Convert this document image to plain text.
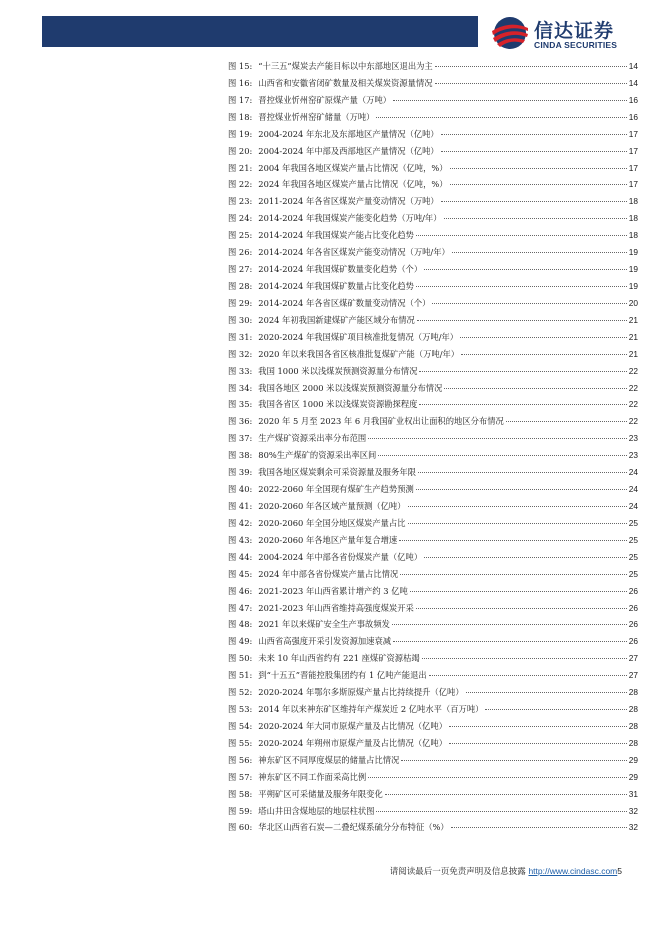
信达证券
CINDA SECURITIES
图 15: “十三五”煤炭去产能目标以中东部地区退出为主	14
图 16: 山西省和安徽省闭矿数量及相关煤炭资源量情况	14
图 17: 晋控煤业忻州窑矿原煤产量（万吨）	16
图 18: 晋控煤业忻州窑矿储量（万吨）	16
图 19: 2004-2024 年东北及东部地区产量情况（亿吨）	17
图 20: 2004-2024 年中部及西部地区产量情况（亿吨）	17
图 21: 2004 年我国各地区煤炭产量占比情况（亿吨，%）	17
图 22: 2024 年我国各地区煤炭产量占比情况（亿吨，%）	17
图 23: 2011-2024 年各省区煤炭产量变动情况（万吨）	18
图 24: 2014-2024 年我国煤炭产能变化趋势（万吨/年）	18
图 25: 2014-2024 年我国煤炭产能占比变化趋势	18
图 26: 2014-2024 年各省区煤炭产能变动情况（万吨/年）	19
图 27: 2014-2024 年我国煤矿数量变化趋势（个）	19
图 28: 2014-2024 年我国煤矿数量占比变化趋势	19
图 29: 2014-2024 年各省区煤矿数量变动情况（个）	20
图 30: 2024 年初我国新建煤矿产能区域分布情况	21
图 31: 2020-2024 年我国煤矿项目核准批复情况（万吨/年）	21
图 32: 2020 年以来我国各省区核准批复煤矿产能（万吨/年）	21
图 33: 我国 1000 米以浅煤炭预测资源量分布情况	22
图 34: 我国各地区 2000 米以浅煤炭预测资源量分布情况	22
图 35: 我国各省区 1000 米以浅煤炭资源勘探程度	22
图 36: 2020 年 5 月至 2023 年 6 月我国矿业权出让面积的地区分布情况	22
图 37: 生产煤矿资源采出率分布范围	23
图 38: 80%生产煤矿的资源采出率区间	23
图 39: 我国各地区煤炭剩余可采资源量及服务年限	24
图 40: 2022-2060 年全国现有煤矿生产趋势预测	24
图 41: 2020-2060 年各区域产量预测（亿吨）	24
图 42: 2020-2060 年全国分地区煤炭产量占比	25
图 43: 2020-2060 年各地区产量年复合增速	25
图 44: 2004-2024 年中部各省份煤炭产量（亿吨）	25
图 45: 2024 年中部各省份煤炭产量占比情况	25
图 46: 2021-2023 年山西省累计增产约 3 亿吨	26
图 47: 2021-2023 年山西省维持高强度煤炭开采	26
图 48: 2021 年以来煤矿安全生产事故频发	26
图 49: 山西省高强度开采引发资源加速衰减	26
图 50: 未来 10 年山西省约有 221 座煤矿资源枯竭	27
图 51: 到“十五五”晋能控股集团约有 1 亿吨产能退出	27
图 52: 2020-2024 年鄂尔多斯原煤产量占比持续提升（亿吨）	28
图 53: 2014 年以来神东矿区维持年产煤炭近 2 亿吨水平（百万吨）	28
图 54: 2020-2024 年大同市原煤产量及占比情况（亿吨）	28
图 55: 2020-2024 年朔州市原煤产量及占比情况（亿吨）	28
图 56: 神东矿区不同厚度煤层的储量占比情况	29
图 57: 神东矿区不同工作面采高比例	29
图 58: 平朔矿区可采储量及服务年限变化	31
图 59: 塔山井田含煤地层的地层柱状图	32
图 60: 华北区山西省石炭—二叠纪煤系硫分分布特征（%）	32
请阅读最后一页免责声明及信息披露 http://www.cindasc.com5
